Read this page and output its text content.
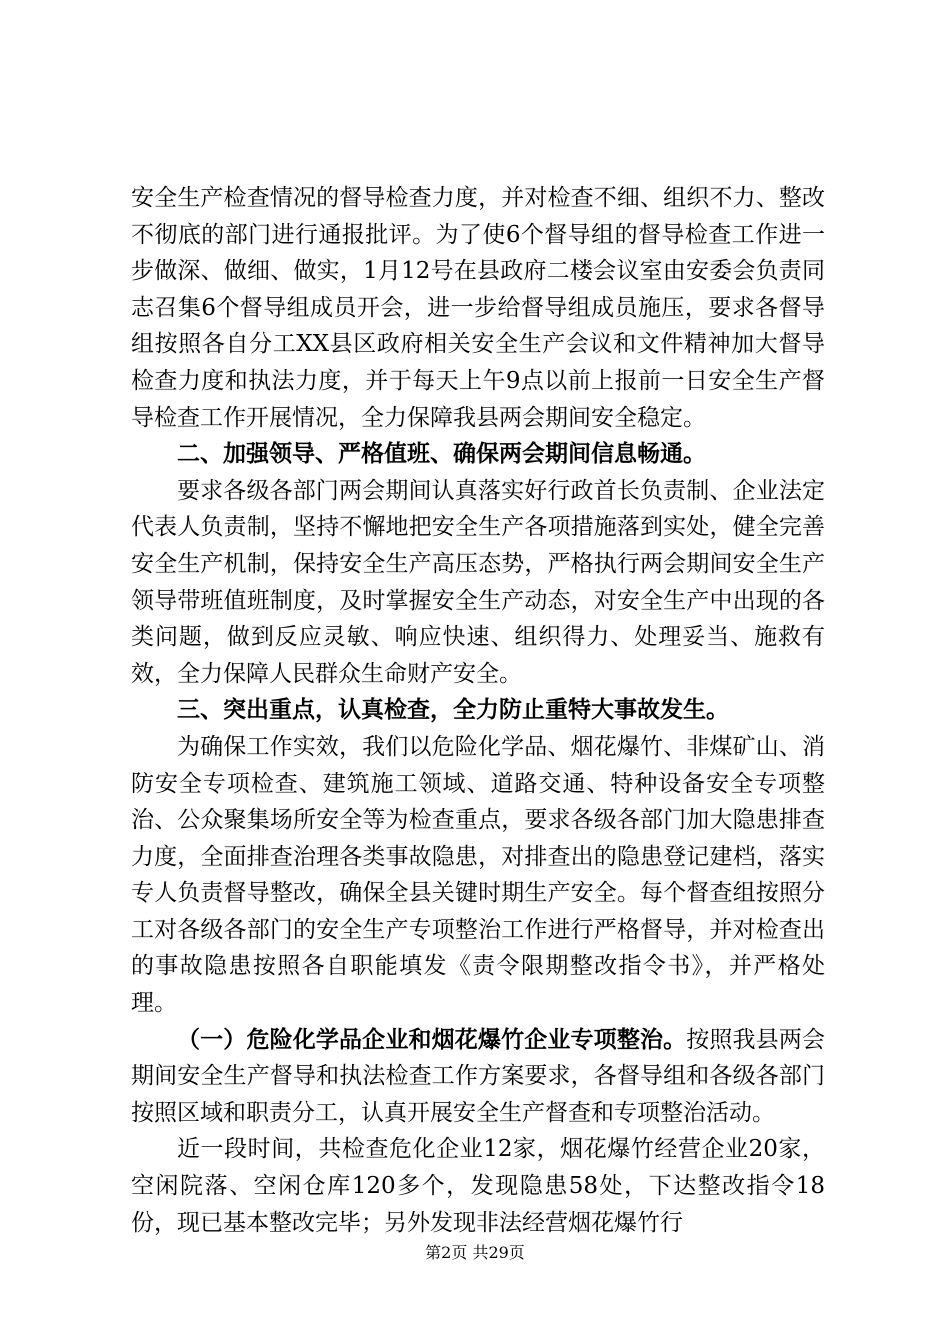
安全生产检查情况的督导检查力度，并对检查不细、组织不力、整改不彻底的部门进行通报批评。为了使6个督导组的督导检查工作进一步做深、做细、做实，1月12号在县政府二楼会议室由安委会负责同志召集6个督导组成员开会，进一步给督导组成员施压，要求各督导组按照各自分工XX县区政府相关安全生产会议和文件精神加大督导检查力度和执法力度，并于每天上午9点以前上报前一日安全生产督导检查工作开展情况，全力保障我县两会期间安全稳定。

二、加强领导、严格值班、确保两会期间信息畅通。

要求各级各部门两会期间认真落实好行政首长负责制、企业法定代表人负责制，坚持不懈地把安全生产各项措施落到实处，健全完善安全生产机制，保持安全生产高压态势，严格执行两会期间安全生产领导带班值班制度，及时掌握安全生产动态，对安全生产中出现的各类问题，做到反应灵敏、响应快速、组织得力、处理妥当、施救有效，全力保障人民群众生命财产安全。

三、突出重点，认真检查，全力防止重特大事故发生。

为确保工作实效，我们以危险化学品、烟花爆竹、非煤矿山、消防安全专项检查、建筑施工领域、道路交通、特种设备安全专项整治、公众聚集场所安全等为检查重点，要求各级各部门加大隐患排查力度，全面排查治理各类事故隐患，对排查出的隐患登记建档，落实专人负责督导整改，确保全县关键时期生产安全。每个督查组按照分工对各级各部门的安全生产专项整治工作进行严格督导，并对检查出的事故隐患按照各自职能填发《责令限期整改指令书》，并严格处理。

（一）危险化学品企业和烟花爆竹企业专项整治。按照我县两会期间安全生产督导和执法检查工作方案要求，各督导组和各级各部门按照区域和职责分工，认真开展安全生产督查和专项整治活动。

近一段时间，共检查危化企业12家，烟花爆竹经营企业20家，空闲院落、空闲仓库120多个，发现隐患58处，下达整改指令18份，现已基本整改完毕；另外发现非法经营烟花爆竹行

第2页 共29页
